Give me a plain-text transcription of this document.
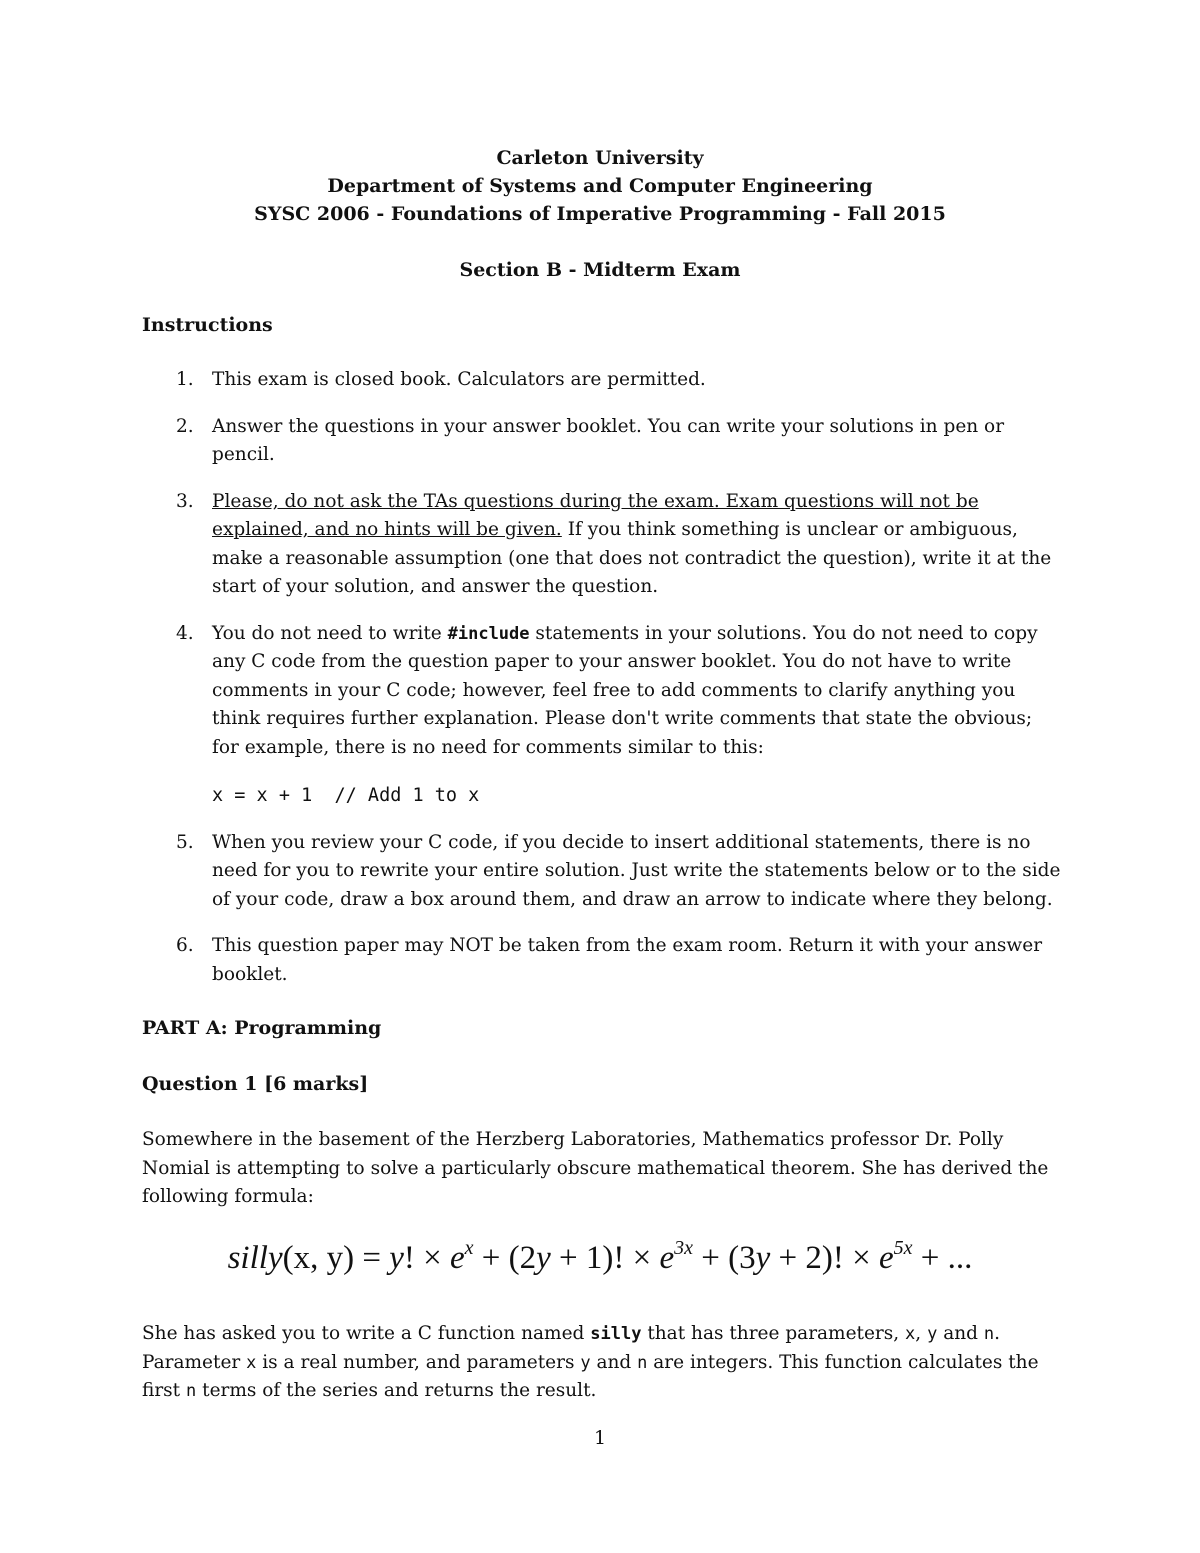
Carleton University
Department of Systems and Computer Engineering
SYSC 2006 - Foundations of Imperative Programming - Fall 2015
Section B - Midterm Exam
Instructions
1. This exam is closed book. Calculators are permitted.
2. Answer the questions in your answer booklet. You can write your solutions in pen or pencil.
3. Please, do not ask the TAs questions during the exam. Exam questions will not be explained, and no hints will be given. If you think something is unclear or ambiguous, make a reasonable assumption (one that does not contradict the question), write it at the start of your solution, and answer the question.
4. You do not need to write #include statements in your solutions. You do not need to copy any C code from the question paper to your answer booklet. You do not have to write comments in your C code; however, feel free to add comments to clarify anything you think requires further explanation. Please don't write comments that state the obvious; for example, there is no need for comments similar to this:
x = x + 1  // Add 1 to x
5. When you review your C code, if you decide to insert additional statements, there is no need for you to rewrite your entire solution. Just write the statements below or to the side of your code, draw a box around them, and draw an arrow to indicate where they belong.
6. This question paper may NOT be taken from the exam room. Return it with your answer booklet.
PART A: Programming
Question 1 [6 marks]
Somewhere in the basement of the Herzberg Laboratories, Mathematics professor Dr. Polly Nomial is attempting to solve a particularly obscure mathematical theorem. She has derived the following formula:
silly(x, y) = y! × $e^x + (2y + 1)$! × $e^{3x} + (3y + 2)$! × $e^{5x}$ + ...
She has asked you to write a C function named silly that has three parameters, x, y and n. Parameter x is a real number, and parameters y and n are integers. This function calculates the first n terms of the series and returns the result.
1
